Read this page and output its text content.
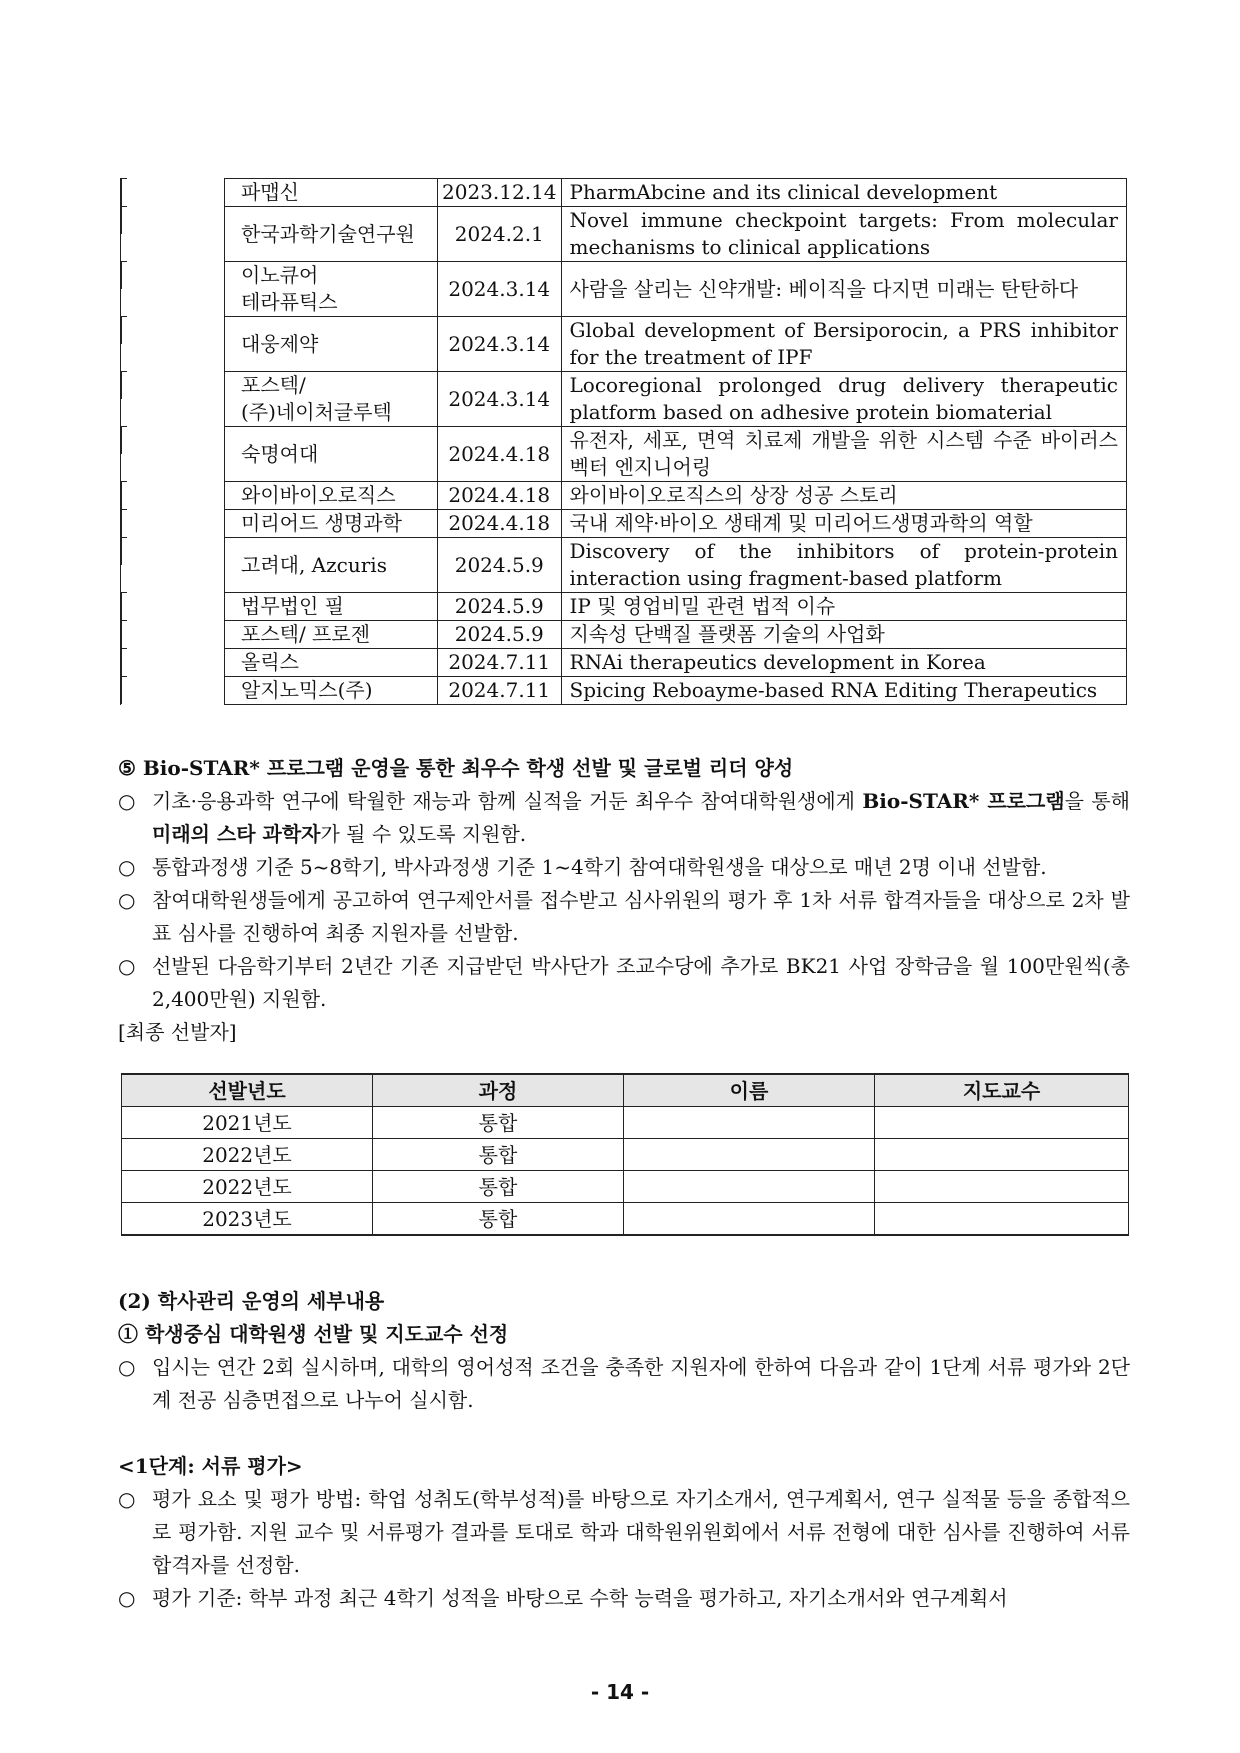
파맵신	2023.12.14	PharmAbcine and its clinical development
한국과학기술연구원	2024.2.1	Novel immune checkpoint targets: From molecular mechanisms to clinical applications
이노큐어
테라퓨틱스	2024.3.14	사람을 살리는 신약개발: 베이직을 다지면 미래는 탄탄하다
대웅제약	2024.3.14	Global development of Bersiporocin, a PRS inhibitor for the treatment of IPF
포스텍/
(주)네이처글루텍	2024.3.14	Locoregional prolonged drug delivery therapeutic platform based on adhesive protein biomaterial
숙명여대	2024.4.18	유전자, 세포, 면역 치료제 개발을 위한 시스템 수준 바이러스 벡터 엔지니어링
와이바이오로직스	2024.4.18	와이바이오로직스의 상장 성공 스토리
미리어드 생명과학	2024.4.18	국내 제약·바이오 생태계 및 미리어드생명과학의 역할
고려대, Azcuris	2024.5.9	Discovery of the inhibitors of protein-protein interaction using fragment-based platform
법무법인 필	2024.5.9	IP 및 영업비밀 관련 법적 이슈
포스텍/ 프로젠	2024.5.9	지속성 단백질 플랫폼 기술의 사업화
올릭스	2024.7.11	RNAi therapeutics development in Korea
알지노믹스(주)	2024.7.11	Spicing Reboayme-based RNA Editing Therapeutics
⑤ Bio-STAR* 프로그램 운영을 통한 최우수 학생 선발 및 글로벌 리더 양성
○ 기초·응용과학 연구에 탁월한 재능과 함께 실적을 거둔 최우수 참여대학원생에게 Bio-STAR* 프로그램을 통해 미래의 스타 과학자가 될 수 있도록 지원함.
○ 통합과정생 기준 5~8학기, 박사과정생 기준 1~4학기 참여대학원생을 대상으로 매년 2명 이내 선발함.
○ 참여대학원생들에게 공고하여 연구제안서를 접수받고 심사위원의 평가 후 1차 서류 합격자들을 대상으로 2차 발표 심사를 진행하여 최종 지원자를 선발함.
○ 선발된 다음학기부터 2년간 기존 지급받던 박사단가 조교수당에 추가로 BK21 사업 장학금을 월 100만원씩(총 2,400만원) 지원함.
[최종 선발자]
선발년도	과정	이름	지도교수
2021년도	통합		
2022년도	통합		
2022년도	통합		
2023년도	통합		
(2) 학사관리 운영의 세부내용
① 학생중심 대학원생 선발 및 지도교수 선정
○ 입시는 연간 2회 실시하며, 대학의 영어성적 조건을 충족한 지원자에 한하여 다음과 같이 1단계 서류 평가와 2단계 전공 심층면접으로 나누어 실시함.
<1단계: 서류 평가>
○ 평가 요소 및 평가 방법: 학업 성취도(학부성적)를 바탕으로 자기소개서, 연구계획서, 연구 실적물 등을 종합적으로 평가함. 지원 교수 및 서류평가 결과를 토대로 학과 대학원위원회에서 서류 전형에 대한 심사를 진행하여 서류 합격자를 선정함.
○ 평가 기준: 학부 과정 최근 4학기 성적을 바탕으로 수학 능력을 평가하고, 자기소개서와 연구계획서
- 14 -
